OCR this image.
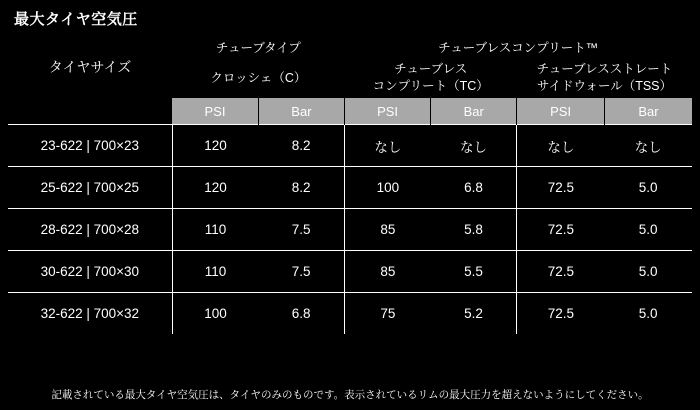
最大タイヤ空気圧
タイヤサイズ	チューブタイプ		チューブレスコンプリート™			

クロッシェ（C）

チューブレス
コンプリート（TC）

チューブレスストレート
サイドウォール（TSS）

	PSI	Bar	PSI	Bar	PSI	Bar
23-622 | 700×23	120	8.2	なし	なし	なし	なし
25-622 | 700×25	120	8.2	100	6.8	72.5	5.0
28-622 | 700×28	110	7.5	85	5.8	72.5	5.0
30-622 | 700×30	110	7.5	85	5.5	72.5	5.0
32-622 | 700×32	100	6.8	75	5.2	72.5	5.0
記載されている最大タイヤ空気圧は、タイヤのみのものです。表示されているリムの最大圧力を超えないようにしてください。
